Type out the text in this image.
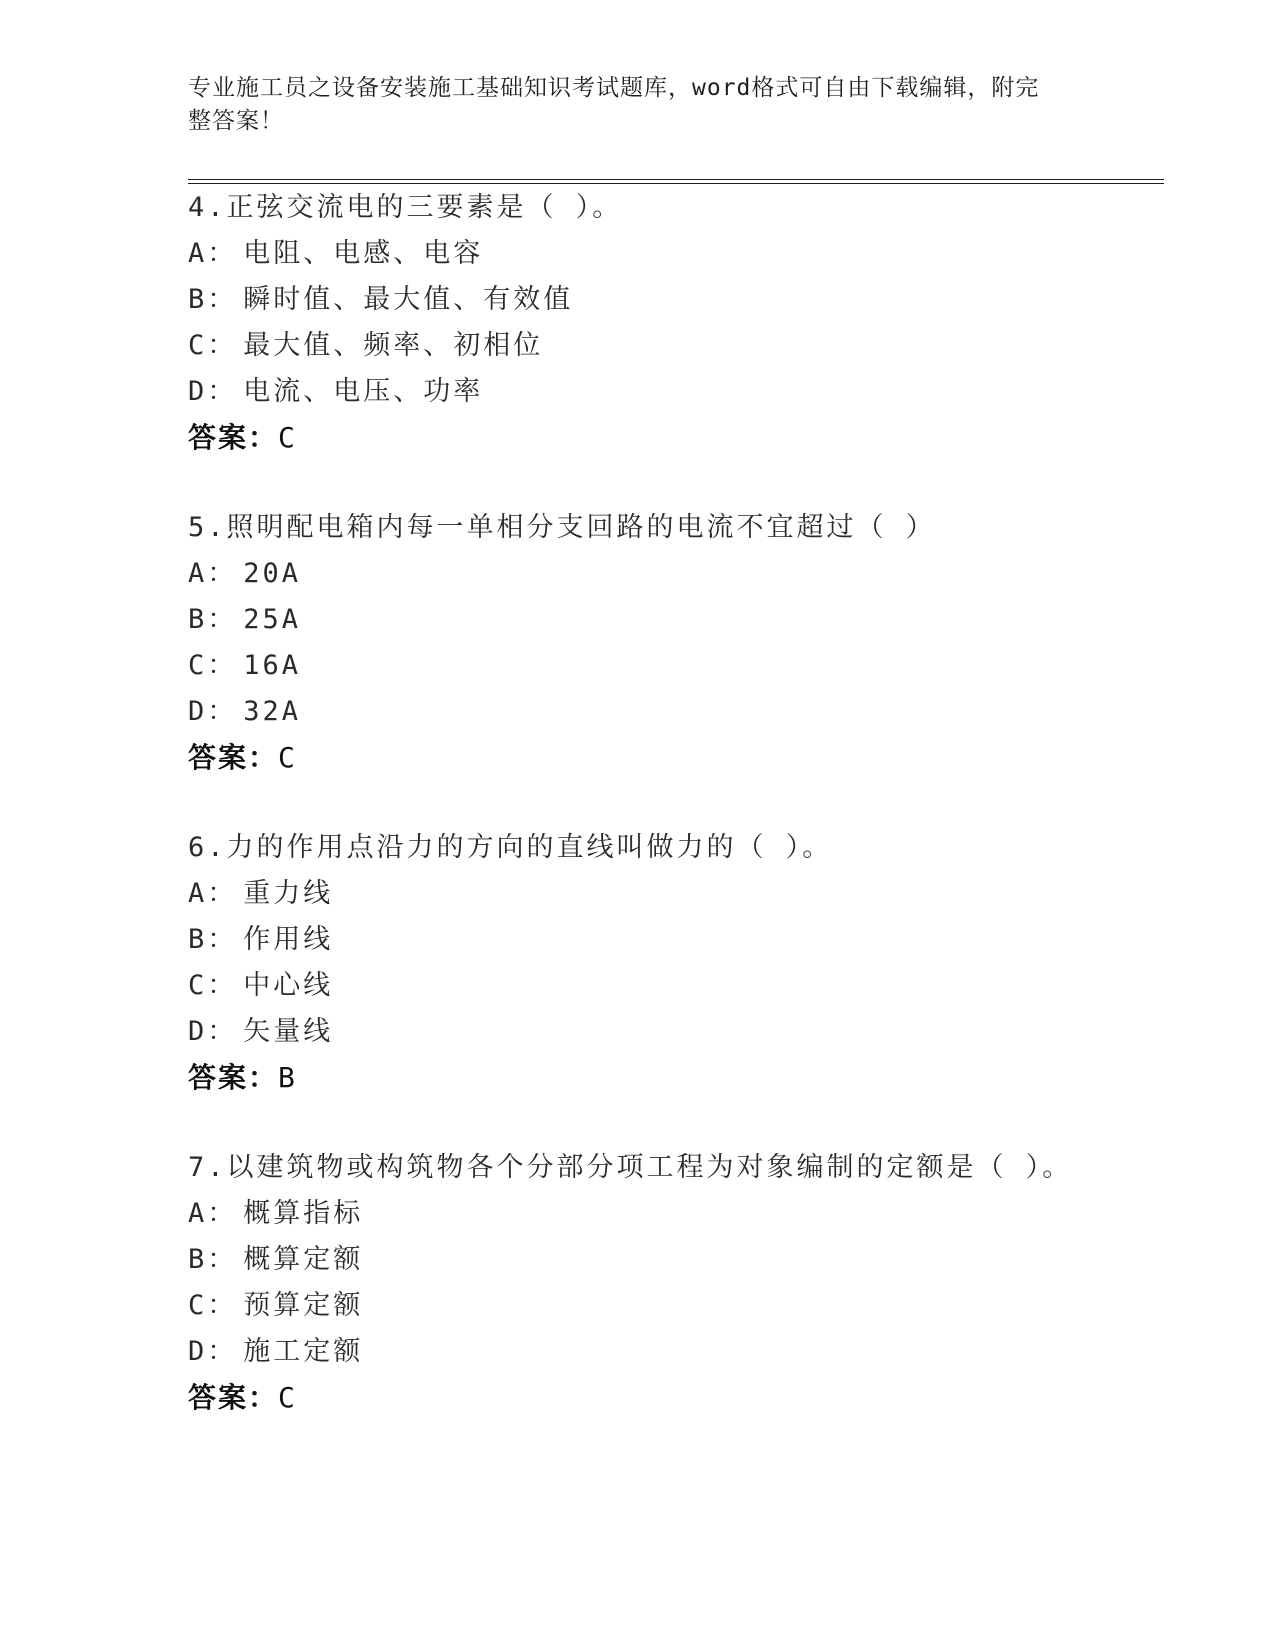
专业施工员之设备安装施工基础知识考试题库，word格式可自由下载编辑，附完
整答案！
4.正弦交流电的三要素是（ ）。
A： 电阻、电感、电容
B： 瞬时值、最大值、有效值
C： 最大值、频率、初相位
D： 电流、电压、功率
答案：C
5.照明配电箱内每一单相分支回路的电流不宜超过（ ）
A： 20A
B： 25A
C： 16A
D： 32A
答案：C
6.力的作用点沿力的方向的直线叫做力的（ ）。
A： 重力线
B： 作用线
C： 中心线
D： 矢量线
答案：B
7.以建筑物或构筑物各个分部分项工程为对象编制的定额是（ ）。
A： 概算指标
B： 概算定额
C： 预算定额
D： 施工定额
答案：C
